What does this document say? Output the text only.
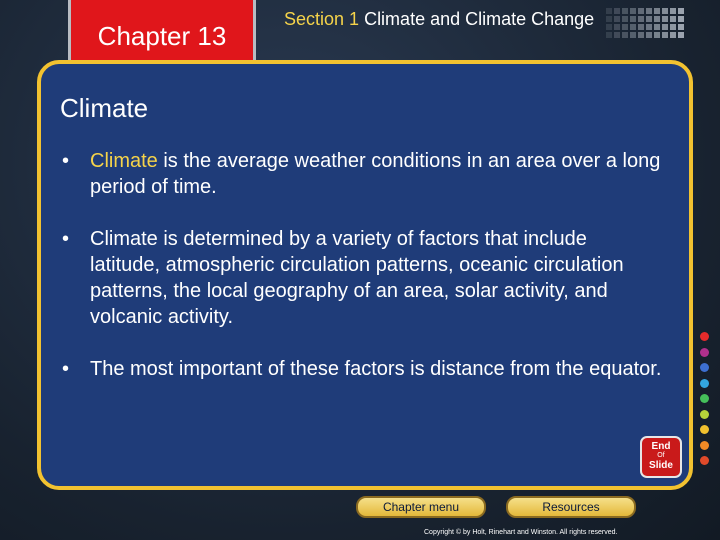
Chapter 13
Section 1 Climate and Climate Change
Climate
• Climate is the average weather conditions in an area over a long period of time.
• Climate is determined by a variety of factors that include latitude, atmospheric circulation patterns, oceanic circulation patterns, the local geography of an area, solar activity, and volcanic activity.
• The most important of these factors is distance from the equator.
End
Of
Slide
Chapter menu	Resources
Copyright © by Holt, Rinehart and Winston. All rights reserved.
